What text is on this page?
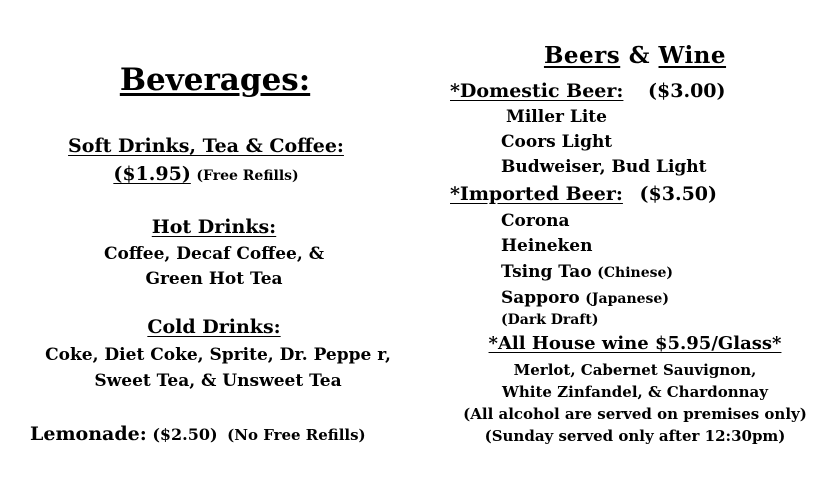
Beverages:
Soft Drinks, Tea & Coffee:
($1.95) (Free Refills)
Hot Drinks:
Coffee, Decaf Coffee, &
Green Hot Tea
Cold Drinks:
Coke, Diet Coke, Sprite, Dr. Peppe r,
Sweet Tea, & Unsweet Tea
Lemonade: ($2.50) (No Free Refills)
Beers & Wine
*Domestic Beer: ($3.00)
Miller Lite
Coors Light
Budweiser, Bud Light
*Imported Beer: ($3.50)
Corona
Heineken
Tsing Tao (Chinese)
Sapporo (Japanese)
(Dark Draft)
*All House wine $5.95/Glass*
Merlot, Cabernet Sauvignon,
White Zinfandel, & Chardonnay
(All alcohol are served on premises only)
(Sunday served only after 12:30pm)
